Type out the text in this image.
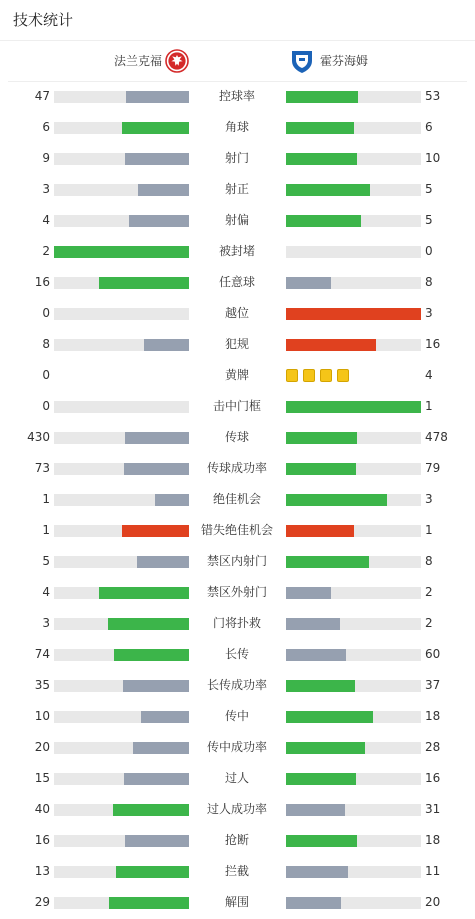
技术统计
法兰克福	霍芬海姆
47	控球率	53
6	角球	6
9	射门	10
3	射正	5
4	射偏	5
2	被封堵	0
16	任意球	8
0	越位	3
8	犯规	16
0	黄牌	4
0	击中门框	1
430	传球	478
73	传球成功率	79
1	绝佳机会	3
1	错失绝佳机会	1
5	禁区内射门	8
4	禁区外射门	2
3	门将扑救	2
74	长传	60
35	长传成功率	37
10	传中	18
20	传中成功率	28
15	过人	16
40	过人成功率	31
16	抢断	18
13	拦截	11
29	解围	20
